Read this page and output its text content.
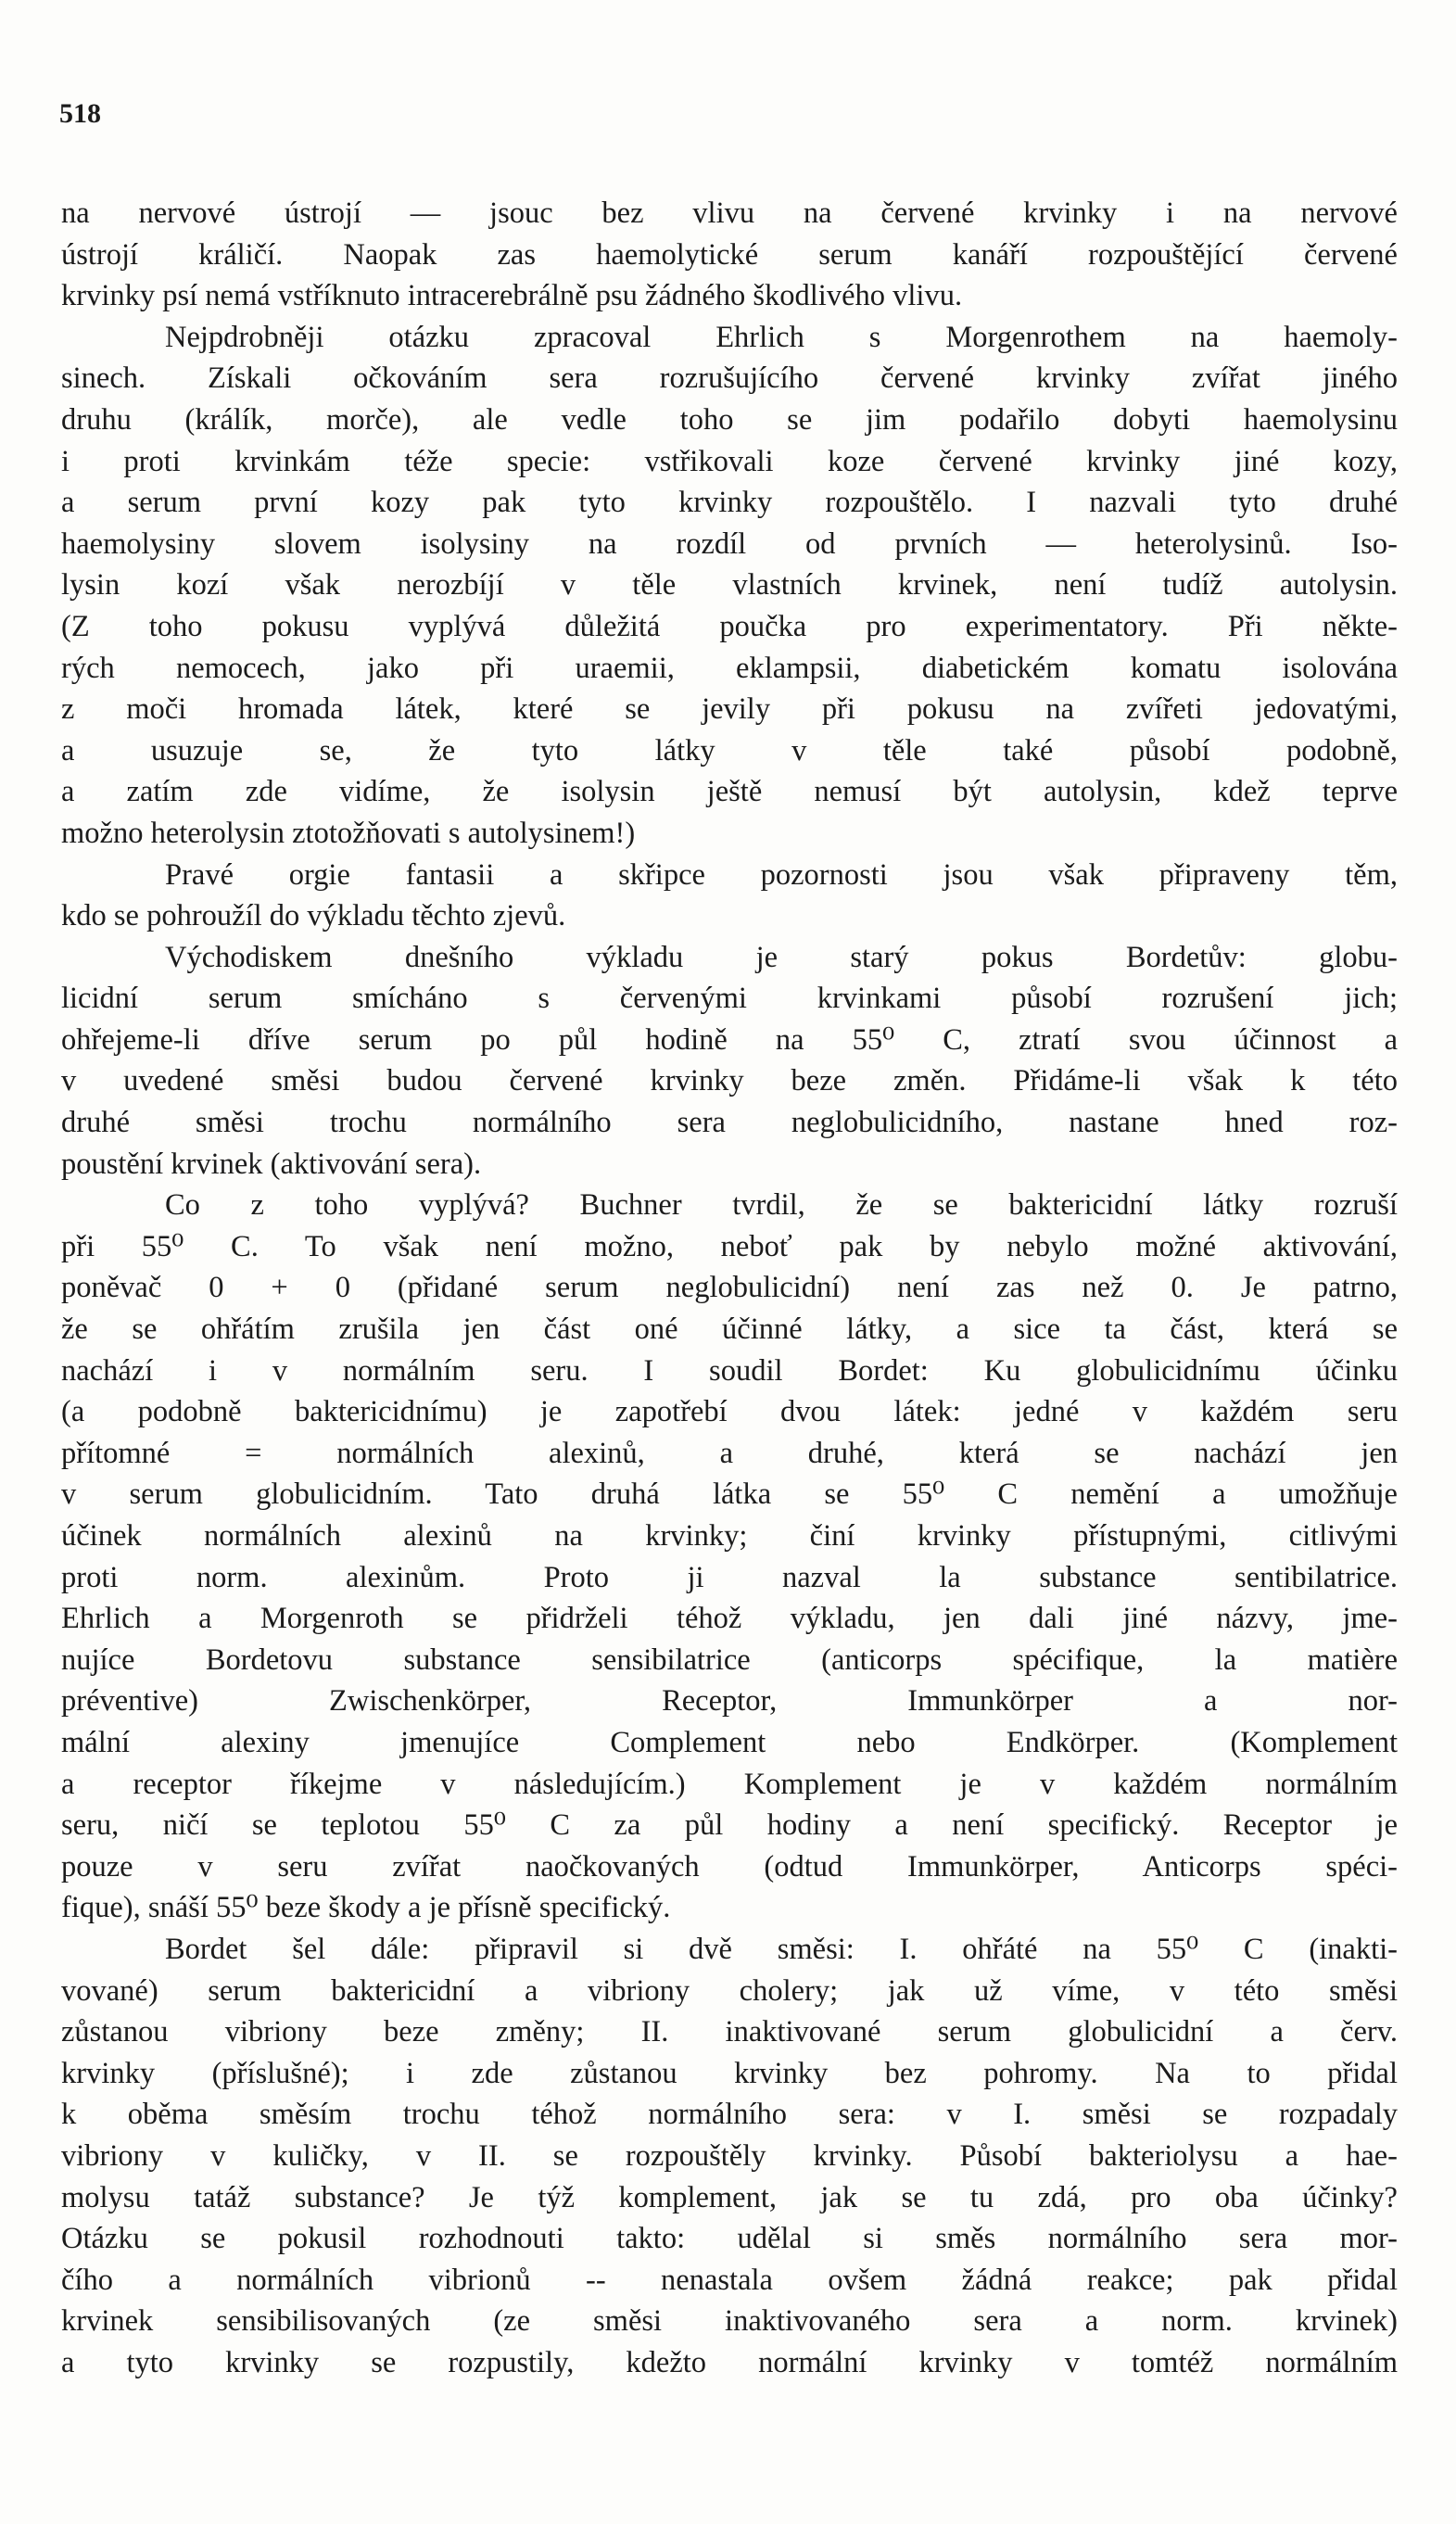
518
na nervové ústrojí — jsouc bez vlivu na červené krvinky i na nervové
ústrojí králičí. Naopak zas haemolytické serum kanáří rozpouštějící červené
krvinky psí nemá vstříknuto intracerebrálně psu žádného škodlivého vlivu.
Nejpdrobněji otázku zpracoval Ehrlich s Morgenrothem na haemoly-
sinech. Získali očkováním sera rozrušujícího červené krvinky zvířat jiného
druhu (králík, morče), ale vedle toho se jim podařilo dobyti haemolysinu
i proti krvinkám téže specie: vstřikovali koze červené krvinky jiné kozy,
a serum první kozy pak tyto krvinky rozpouštělo. I nazvali tyto druhé
haemolysiny slovem isolysiny na rozdíl od prvních — heterolysinů. Iso-
lysin kozí však nerozbíjí v těle vlastních krvinek, není tudíž autolysin.
(Z toho pokusu vyplývá důležitá poučka pro experimentatory. Při někte-
rých nemocech, jako při uraemii, eklampsii, diabetickém komatu isolována
z moči hromada látek, které se jevily při pokusu na zvířeti jedovatými,
a usuzuje se, že tyto látky v těle také působí podobně,
a zatím zde vidíme, že isolysin ještě nemusí být autolysin, kdež teprve
možno heterolysin ztotožňovati s autolysinem!)
Pravé orgie fantasii a skřipce pozornosti jsou však připraveny těm,
kdo se pohroužíl do výkladu těchto zjevů.
Východiskem dnešního výkladu je starý pokus Bordetův: globu-
licidní serum smícháno s červenými krvinkami působí rozrušení jich;
ohřejeme-li dříve serum po půl hodině na 55⁰ C, ztratí svou účinnost a
v uvedené směsi budou červené krvinky beze změn. Přidáme-li však k této
druhé směsi trochu normálního sera neglobulicidního, nastane hned roz-
poustění krvinek (aktivování sera).
Co z toho vyplývá? Buchner tvrdil, že se baktericidní látky rozruší
při 55⁰ C. To však není možno, neboť pak by nebylo možné aktivování,
poněvač 0 + 0 (přidané serum neglobulicidní) není zas než 0. Je patrno,
že se ohřátím zrušila jen část oné účinné látky, a sice ta část, která se
nachází i v normálním seru. I soudil Bordet: Ku globulicidnímu účinku
(a podobně baktericidnímu) je zapotřebí dvou látek: jedné v každém seru
přítomné = normálních alexinů, a druhé, která se nachází jen
v serum globulicidním. Tato druhá látka se 55⁰ C nemění a umožňuje
účinek normálních alexinů na krvinky; činí krvinky přístupnými, citlivými
proti norm. alexinům. Proto ji nazval la substance sentibilatrice.
Ehrlich a Morgenroth se přidrželi téhož výkladu, jen dali jiné názvy, jme-
nujíce Bordetovu substance sensibilatrice (anticorps spécifique, la matière
préventive) Zwischenkörper, Receptor, Immunkörper a nor-
mální alexiny jmenujíce Complement nebo Endkörper. (Komplement
a receptor říkejme v následujícím.) Komplement je v každém normálním
seru, ničí se teplotou 55⁰ C za půl hodiny a není specifický. Receptor je
pouze v seru zvířat naočkovaných (odtud Immunkörper, Anticorps spéci-
fique), snáší 55⁰ beze škody a je přísně specifický.
Bordet šel dále: připravil si dvě směsi: I. ohřáté na 55⁰ C (inakti-
vované) serum baktericidní a vibriony cholery; jak už víme, v této směsi
zůstanou vibriony beze změny; II. inaktivované serum globulicidní a červ.
krvinky (příslušné); i zde zůstanou krvinky bez pohromy. Na to přidal
k oběma směsím trochu téhož normálního sera: v I. směsi se rozpadaly
vibriony v kuličky, v II. se rozpouštěly krvinky. Působí bakteriolysu a hae-
molysu tatáž substance? Je týž komplement, jak se tu zdá, pro oba účinky?
Otázku se pokusil rozhodnouti takto: udělal si směs normálního sera mor-
čího a normálních vibrionů -- nenastala ovšem žádná reakce; pak přidal
krvinek sensibilisovaných (ze směsi inaktivovaného sera a norm. krvinek)
a tyto krvinky se rozpustily, kdežto normální krvinky v tomtéž normálním
